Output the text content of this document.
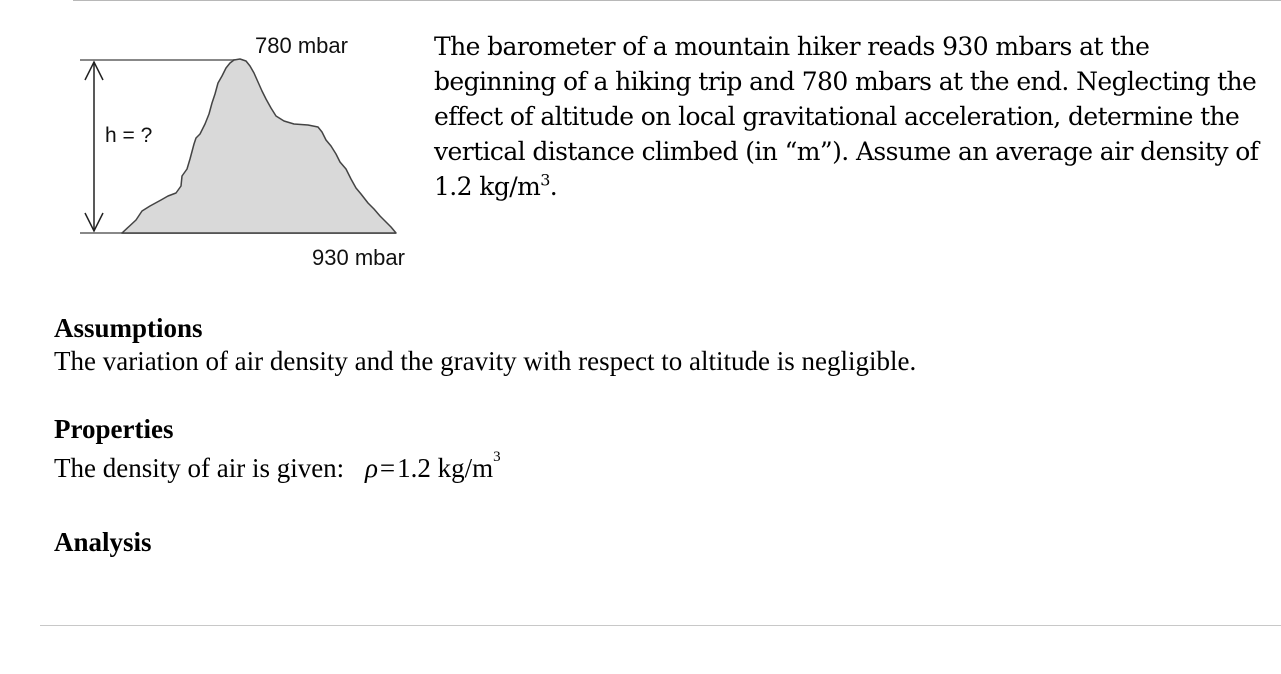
780 mbar
930 mbar
h = ?
The barometer of a mountain hiker reads 930 mbars at the beginning of a hiking trip and 780 mbars at the end. Neglecting the effect of altitude on local gravitational acceleration, determine the vertical distance climbed (in “m”). Assume an average air density of 1.2 $kg/m^3$.
Assumptions
The variation of air density and the gravity with respect to altitude is negligible.
Properties
The density of air is given: ρ=1.2 $kg/m^3$
Analysis
